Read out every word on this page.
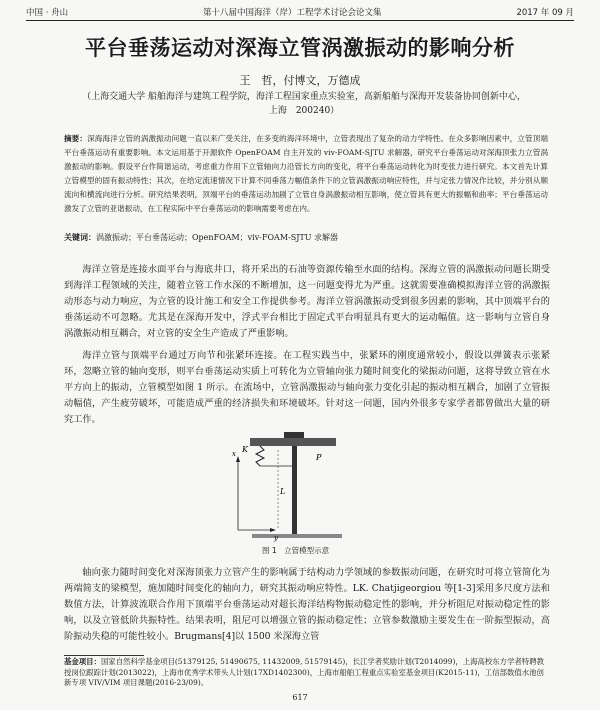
中国 · 舟山	第十八届中国海洋（岸）工程学术讨论会论文集	2017 年 09 月
平台垂荡运动对深海立管涡激振动的影响分析
王　哲，付博文，万德成
（上海交通大学 船舶海洋与建筑工程学院，海洋工程国家重点实验室，高新船舶与深海开发装备协同创新中心，上海　200240）
摘要：深海海洋立管的涡激振动问题一直以来广受关注，在多变的海洋环境中，立管表现出了复杂的动力学特性。在众多影响因素中，立管顶端平台垂荡运动有重要影响。本文运用基于开源软件 OpenFOAM 自主开发的 viv-FOAM-SJTU 求解器，研究平台垂荡运动对深海顶张力立管涡激振动的影响。假设平台作简谐运动，考虑重力作用下立管轴向力沿管长方向的变化，将平台垂荡运动转化为时变张力进行研究。本文首先计算立管模型的固有振动特性；其次，在给定流速情况下计算不同垂荡力幅值条件下的立管涡激振动响应特性，并与定张力情况作比较，并分别从顺流向和横流向进行分析。研究结果表明，顶端平台的垂荡运动加剧了立管自身涡激振动相互影响，使立管具有更大的振幅和曲率；平台垂荡运动激发了立管的亚谐振动，在工程实际中平台垂荡运动的影响需要考虑在内。
关键词：涡激振动；平台垂荡运动；OpenFOAM；viv-FOAM-SJTU 求解器
海洋立管是连接水面平台与海底井口，将开采出的石油等资源传输至水面的结构。深海立管的涡激振动问题长期受到海洋工程领域的关注，随着立管工作水深的不断增加，这一问题变得尤为严重。这就需要准确模拟海洋立管的涡激振动形态与动力响应，为立管的设计施工和安全工作提供参考。海洋立管涡激振动受到很多因素的影响，其中顶端平台的垂荡运动不可忽略。尤其是在深海开发中，浮式平台相比于固定式平台明显具有更大的运动幅值。这一影响与立管自身涡激振动相互耦合，对立管的安全生产造成了严重影响。
海洋立管与顶端平台通过万向节和张紧环连接。在工程实践当中，张紧环的刚度通常较小，假设以弹簧表示张紧环，忽略立管的轴向变形，则平台垂荡运动实质上可转化为立管轴向张力随时间变化的梁振动问题，这将导致立管在水平方向上的振动，立管模型如图 1 所示。在流场中，立管涡激振动与轴向张力变化引起的振动相互耦合，加剧了立管振动幅值，产生疲劳破坏，可能造成严重的经济损失和环境破坏。针对这一问题，国内外很多专家学者都曾做出大量的研究工作。
K
P
L
x
y
图 1　立管模型示意
轴向张力随时间变化对深海顶张力立管产生的影响属于结构动力学领域的参数振动问题，在研究时可将立管简化为两端简支的梁模型，施加随时间变化的轴向力，研究其振动响应特性。LK. Chatjigeorgiou 等[1-3]采用多尺度方法和数值方法，计算波流联合作用下顶端平台垂荡运动对超长海洋结构物振动稳定性的影响，并分析阻尼对振动稳定性的影响，以及立管低阶共振特性。结果表明，阻尼可以增强立管的振动稳定性；立管参数激励主要发生在一阶振型振动，高阶振动失稳的可能性较小。Brugmans[4]以 1500 米深海立管
基金项目：国家自然科学基金项目(51379125, 51490675, 11432009, 51579145)，长江学者奖励计划(T2014099)，上海高校东方学者特聘教授岗位跟踪计划(2013022)，上海市优秀学术带头人计划(17XD1402300)，上海市船舶工程重点实验室基金项目(K2015-11)，工信部数值水池创新专项 VIV/VIM 项目课题(2016-23/09)。
617
